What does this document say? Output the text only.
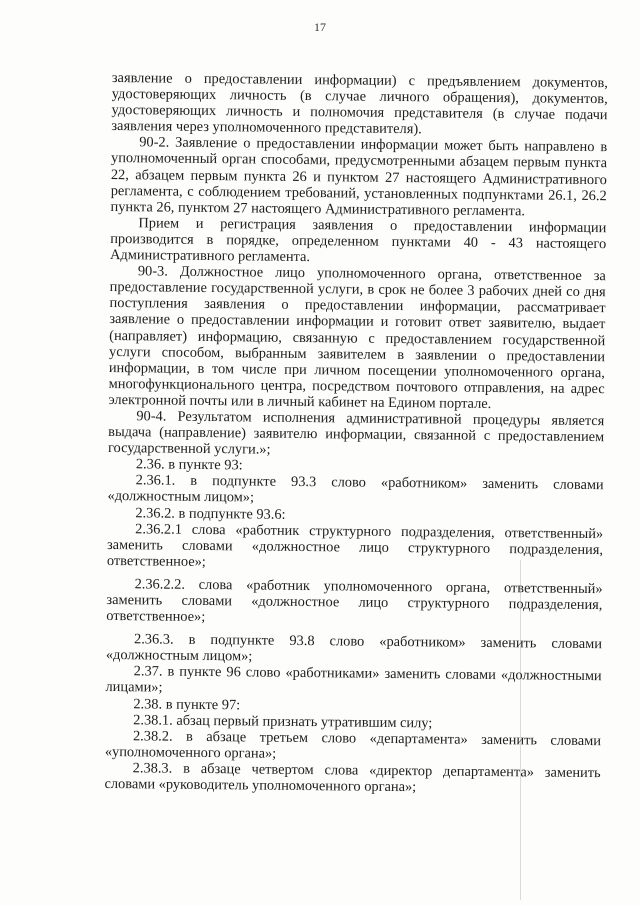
17

заявление о предоставлении информации) с предъявлением документов, удостоверяющих личность (в случае личного обращения), документов, удостоверяющих личность и полномочия представителя (в случае подачи заявления через уполномоченного представителя).

90-2. Заявление о предоставлении информации может быть направлено в уполномоченный орган способами, предусмотренными абзацем первым пункта 22, абзацем первым пункта 26 и пунктом 27 настоящего Административного регламента, с соблюдением требований, установленных подпунктами 26.1, 26.2 пункта 26, пунктом 27 настоящего Административного регламента.

Прием и регистрация заявления о предоставлении информации производится в порядке, определенном пунктами 40 - 43 настоящего Административного регламента.

90-3. Должностное лицо уполномоченного органа, ответственное за предоставление государственной услуги, в срок не более 3 рабочих дней со дня поступления заявления о предоставлении информации, рассматривает заявление о предоставлении информации и готовит ответ заявителю, выдает (направляет) информацию, связанную с предоставлением государственной услуги способом, выбранным заявителем в заявлении о предоставлении информации, в том числе при личном посещении уполномоченного органа, многофункционального центра, посредством почтового отправления, на адрес электронной почты или в личный кабинет на Едином портале.

90-4. Результатом исполнения административной процедуры является выдача (направление) заявителю информации, связанной с предоставлением государственной услуги.»;

2.36. в пункте 93:

2.36.1. в подпункте 93.3 слово «работником» заменить словами «должностным лицом»;

2.36.2. в подпункте 93.6:

2.36.2.1 слова «работник структурного подразделения, ответственный» заменить словами «должностное лицо структурного подразделения, ответственное»;

2.36.2.2. слова «работник уполномоченного органа, ответственный» заменить словами «должностное лицо структурного подразделения, ответственное»;

2.36.3. в подпункте 93.8 слово «работником» заменить словами «должностным лицом»;

2.37. в пункте 96 слово «работниками» заменить словами «должностными лицами»;

2.38. в пункте 97:

2.38.1. абзац первый признать утратившим силу;

2.38.2. в абзаце третьем слово «департамента» заменить словами «уполномоченного органа»;

2.38.3. в абзаце четвертом слова «директор департамента» заменить словами «руководитель уполномоченного органа»;
